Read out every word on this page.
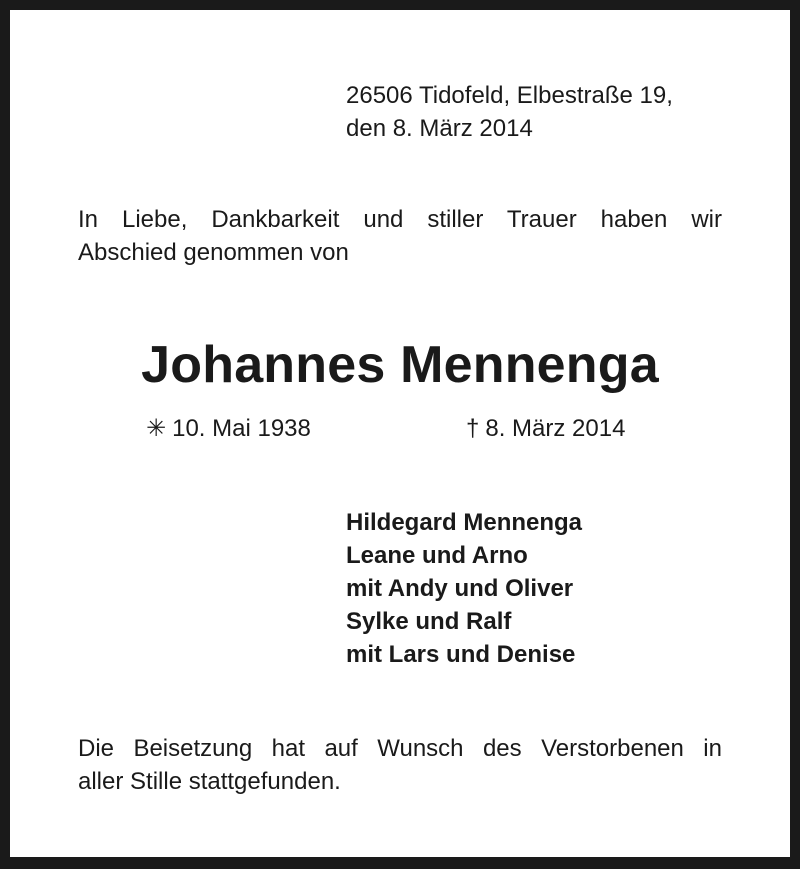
26506 Tidofeld, Elbestraße 19,
den 8. März 2014
In Liebe, Dankbarkeit und stiller Trauer haben wir
Abschied genommen von
Johannes Mennenga
✳ 10. Mai 1938	† 8. März 2014
Hildegard Mennenga
Leane und Arno
mit Andy und Oliver
Sylke und Ralf
mit Lars und Denise
Die Beisetzung hat auf Wunsch des Verstorbenen in
aller Stille stattgefunden.
